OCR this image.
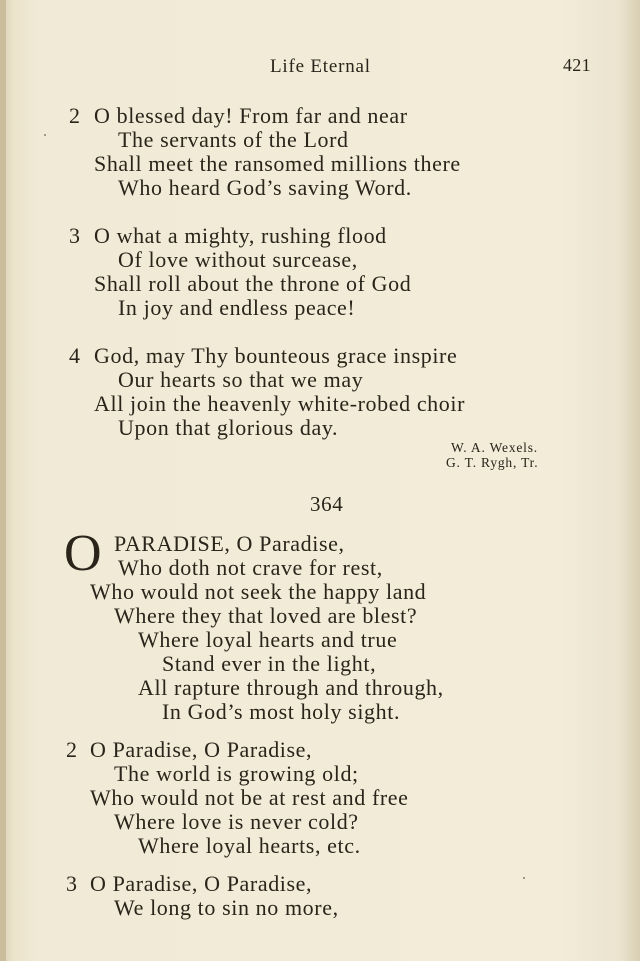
Life Eternal	421
2 O blessed day! From far and near
The servants of the Lord
Shall meet the ransomed millions there
Who heard God’s saving Word.
3 O what a mighty, rushing flood
Of love without surcease,
Shall roll about the throne of God
In joy and endless peace!
4 God, may Thy bounteous grace inspire
Our hearts so that we may
All join the heavenly white-robed choir
Upon that glorious day.
W. A. Wexels.
G. T. Rygh, Tr.
364
O PARADISE, O Paradise,
Who doth not crave for rest,
Who would not seek the happy land
Where they that loved are blest?
Where loyal hearts and true
Stand ever in the light,
All rapture through and through,
In God’s most holy sight.
2 O Paradise, O Paradise,
The world is growing old;
Who would not be at rest and free
Where love is never cold?
Where loyal hearts, etc.
3 O Paradise, O Paradise,
We long to sin no more,
